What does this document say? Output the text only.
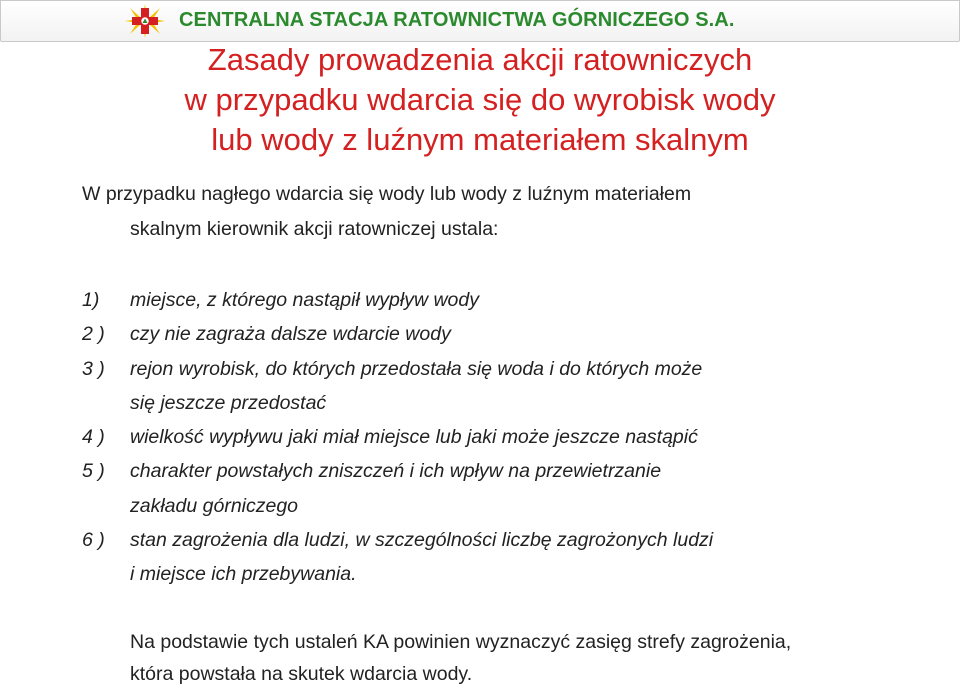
CENTRALNA STACJA RATOWNICTWA GÓRNICZEGO S.A.
Zasady prowadzenia akcji ratowniczych
w przypadku wdarcia się do wyrobisk wody
lub wody z luźnym materiałem skalnym
W przypadku nagłego wdarcia się wody lub wody z luźnym materiałem
skalnym kierownik akcji ratowniczej ustala:
1) miejsce, z którego nastąpił wypływ wody
2 ) czy nie zagraża dalsze wdarcie wody
3 ) rejon wyrobisk, do których przedostała się woda i do których może
się jeszcze przedostać
4 ) wielkość wypływu jaki miał miejsce lub jaki może jeszcze nastąpić
5 ) charakter powstałych zniszczeń i ich wpływ na przewietrzanie
zakładu górniczego
6 ) stan zagrożenia dla ludzi, w szczególności liczbę zagrożonych ludzi
i miejsce ich przebywania.
Na podstawie tych ustaleń KA powinien wyznaczyć zasięg strefy zagrożenia,
która powstała na skutek wdarcia wody.
